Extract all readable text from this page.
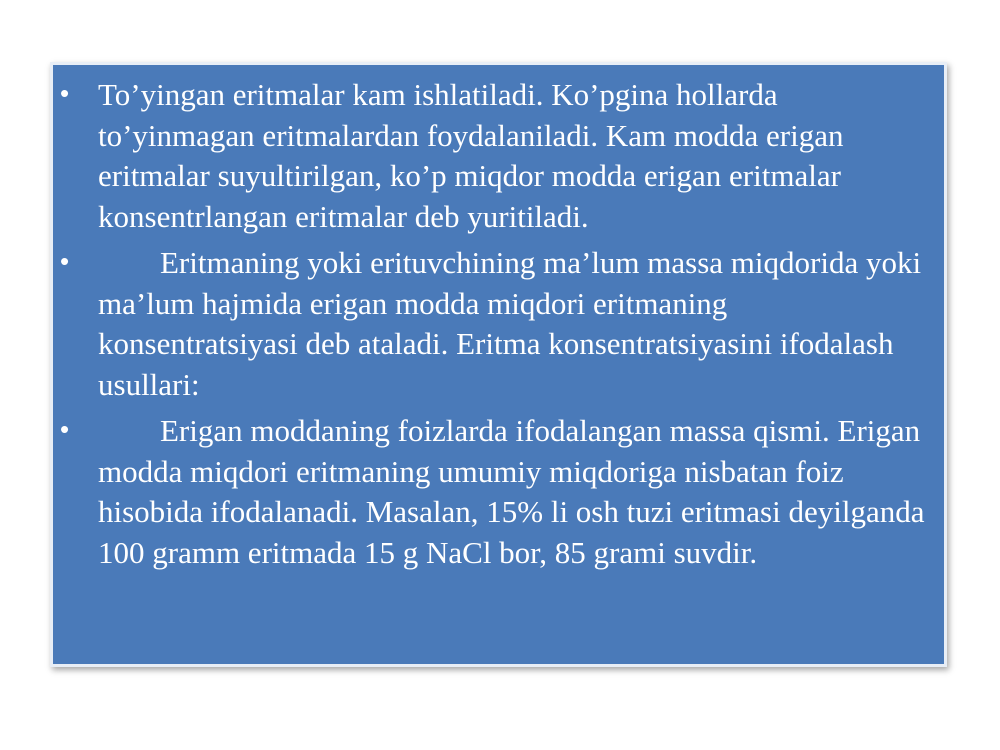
• To’yingan eritmalar kam ishlatiladi. Ko’pgina hollarda to’yinmagan eritmalardan foydalaniladi. Kam modda erigan eritmalar suyultirilgan, ko’p miqdor modda erigan eritmalar konsentrlangan eritmalar deb yuritiladi.
•	Eritmaning yoki erituvchining ma’lum massa miqdorida yoki ma’lum hajmida erigan modda miqdori eritmaning konsentratsiyasi deb ataladi. Eritma konsentratsiyasini ifodalash usullari:
•	Erigan moddaning foizlarda ifodalangan massa qismi. Erigan modda miqdori eritmaning umumiy miqdoriga nisbatan foiz hisobida ifodalanadi. Masalan, 15% li osh tuzi eritmasi deyilganda 100 gramm eritmada 15 g NaCl bor, 85 grami suvdir.
